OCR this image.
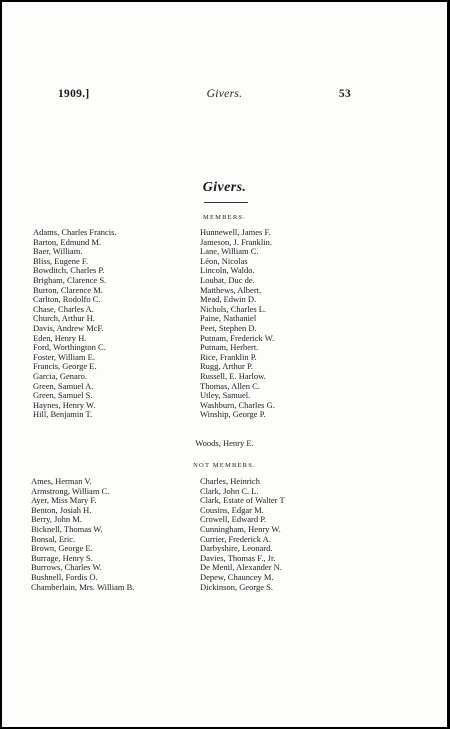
1909.]	Givers.	53
Givers.
MEMBERS.
Adams, Charles Francis.
Barton, Edmund M.
Baer, William.
Bliss, Eugene F.
Bowditch, Charles P.
Brigham, Clarence S.
Burton, Clarence M.
Carlton, Rodolfo C.
Chase, Charles A.
Church, Arthur H.
Davis, Andrew McF.
Eden, Henry H.
Ford, Worthington C.
Foster, William E.
Francis, George E.
Garcia, Genaro.
Green, Samuel A.
Green, Samuel S.
Haynes, Henry W.
Hill, Benjamin T.
Hunnewell, James F.
Jameson, J. Franklin.
Lane, William C.
Léon, Nicolas
Lincoln, Waldo.
Loubat, Duc de.
Matthews, Albert.
Mead, Edwin D.
Nichols, Charles L.
Paine, Nathaniel
Peet, Stephen D.
Putnam, Frederick W.
Putnam, Herbert.
Rice, Franklin P.
Rugg, Arthur P.
Russell, E. Harlow.
Thomas, Allen C.
Utley, Samuel.
Washburn, Charles G.
Winship, George P.
Woods, Henry E.
NOT MEMBERS.
Ames, Herman V.
Armstrong, William C.
Ayer, Miss Mary F.
Benton, Josiah H.
Berry, John M.
Bicknell, Thomas W.
Bonsal, Eric.
Brown, George E.
Burrage, Henry S.
Burrows, Charles W.
Bushnell, Fordis O.
Chamberlain, Mrs. William B.
Charles, Heinrich
Clark, John C. L.
Clark, Estate of Walter T
Cousins, Edgar M.
Crowell, Edward P.
Cunningham, Henry W.
Currier, Frederick A.
Darbyshire, Leonard.
Davies, Thomas F., Jr.
De Menil, Alexander N.
Depew, Chauncey M.
Dickinson, George S.
